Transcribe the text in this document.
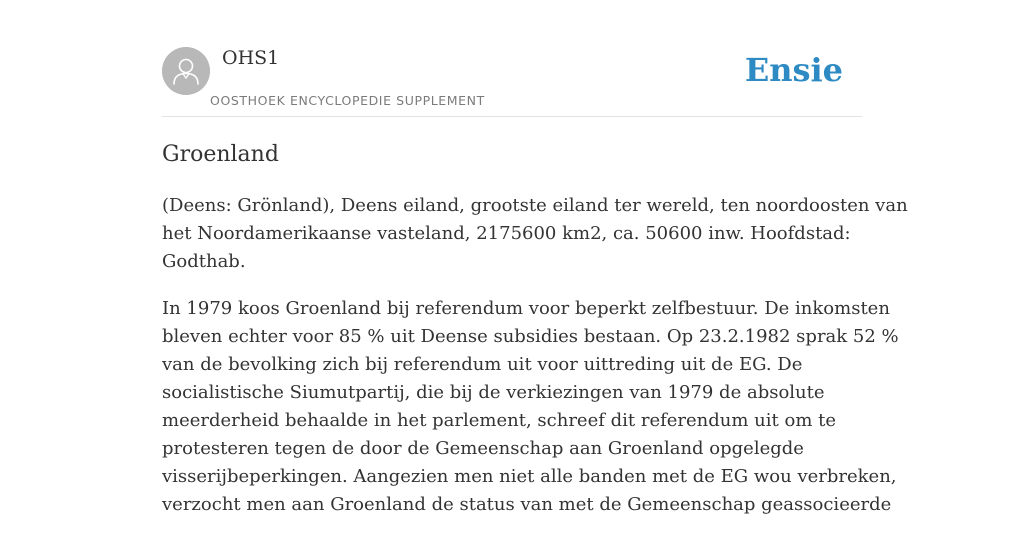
OHS1
OOSTHOEK ENCYCLOPEDIE SUPPLEMENT
Ensie
Groenland

(Deens: Grönland), Deens eiland, grootste eiland ter wereld, ten noordoosten van
het Noordamerikaanse vasteland, 2175600 km2, ca. 50600 inw. Hoofdstad:
Godthab.

In 1979 koos Groenland bij referendum voor beperkt zelfbestuur. De inkomsten
bleven echter voor 85 % uit Deense subsidies bestaan. Op 23.2.1982 sprak 52 %
van de bevolking zich bij referendum uit voor uittreding uit de EG. De
socialistische Siumutpartij, die bij de verkiezingen van 1979 de absolute
meerderheid behaalde in het parlement, schreef dit referendum uit om te
protesteren tegen de door de Gemeenschap aan Groenland opgelegde
visserijbeperkingen. Aangezien men niet alle banden met de EG wou verbreken,
verzocht men aan Groenland de status van met de Gemeenschap geassocieerde
